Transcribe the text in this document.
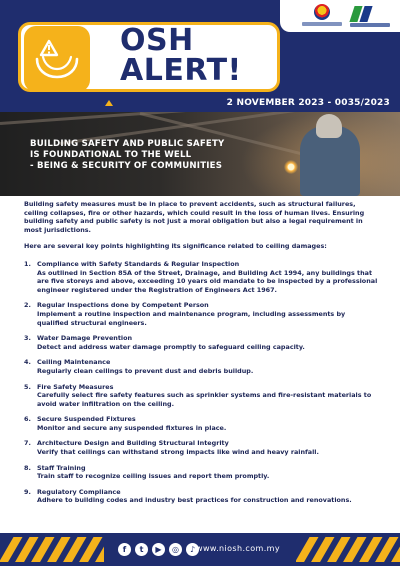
OSH
ALERT!
2 NOVEMBER 2023 - 0035/2023
BUILDING SAFETY AND PUBLIC SAFETY
IS FOUNDATIONAL TO THE WELL
- BEING & SECURITY OF COMMUNITIES

Building safety measures must be in place to prevent accidents, such as structural failures, ceiling collapses, fire or other hazards, which could result in the loss of human lives. Ensuring building safety and public safety is not just a moral obligation but also a legal requirement in most jurisdictions.

Here are several key points highlighting its significance related to ceiling damages:

1. Compliance with Safety Standards & Regular Inspection
As outlined in Section 85A of the Street, Drainage, and Building Act 1994, any buildings that are five storeys and above, exceeding 10 years old mandate to be inspected by a professional engineer registered under the Registration of Engineers Act 1967.
2. Regular Inspections done by Competent Person
Implement a routine inspection and maintenance program, including assessments by qualified structural engineers.
3. Water Damage Prevention
Detect and address water damage promptly to safeguard ceiling capacity.
4. Ceiling Maintenance
Regularly clean ceilings to prevent dust and debris buildup.
5. Fire Safety Measures
Carefully select fire safety features such as sprinkler systems and fire-resistant materials to avoid water infiltration on the ceiling.
6. Secure Suspended Fixtures
Monitor and secure any suspended fixtures in place.
7. Architecture Design and Building Structural Integrity
Verify that ceilings can withstand strong impacts like wind and heavy rainfall.
8. Staff Training
Train staff to recognize ceiling issues and report them promptly.
9. Regulatory Compliance
Adhere to building codes and industry best practices for construction and renovations.
f	t	▶	◎	♪ www.niosh.com.my
